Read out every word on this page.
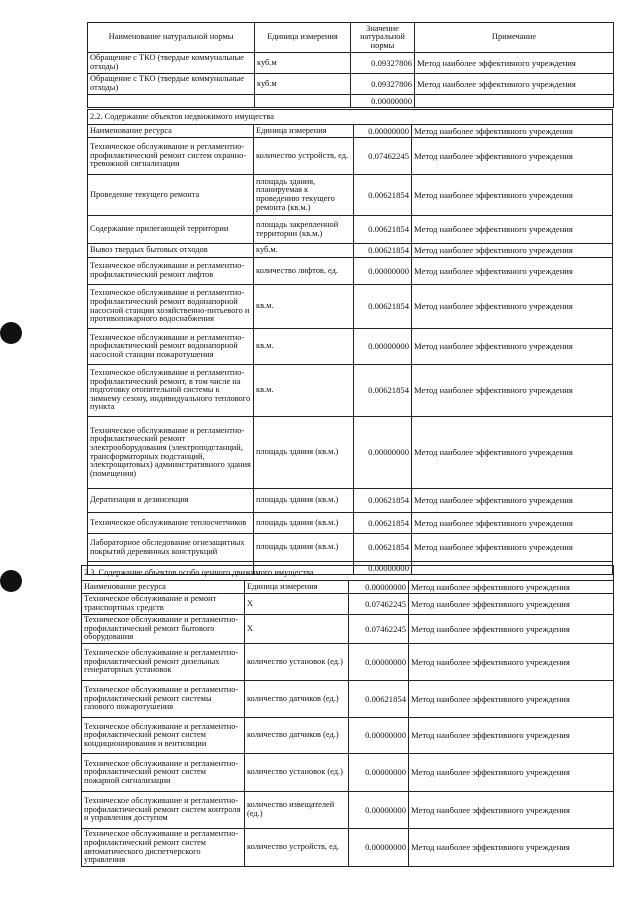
Наименование натуральной нормы	Единица измерения	Значение натуральной нормы	Примечание
Обращение с ТКО (твердые коммунальные отходы)	куб.м	0.09327806	Метод наиболее эффективного учреждения
Обращение с ТКО (твердые коммунальные отходы)	куб.м	0.09327806	Метод наиболее эффективного учреждения
		0.00000000	
2.2. Содержание объектов недвижимого имущества			
Наименование ресурса	Единица измерения	0.00000000	Метод наиболее эффективного учреждения
Техническое обслуживание и регламентно-профилактический ремонт систем охранно-тревожной сигнализации	количество устройств, ед.	0.07462245	Метод наиболее эффективного учреждения
Проведение текущего ремонта	площадь здания, планируемая к проведению текущего ремонта (кв.м.)	0.00621854	Метод наиболее эффективного учреждения
Содержание прилегающей территории	площадь закрепленной территории (кв.м.)	0.00621854	Метод наиболее эффективного учреждения
Вывоз твердых бытовых отходов	куб.м.	0.00621854	Метод наиболее эффективного учреждения
Техническое обслуживание и регламентно-профилактический ремонт лифтов	количество лифтов, ед.	0.00000000	Метод наиболее эффективного учреждения
Техническое обслуживание и регламентно-профилактический ремонт водонапорной насосной станции хозяйственно-питьевого и противопожарного водоснабжения	кв.м.	0.00621854	Метод наиболее эффективного учреждения
Техническое обслуживание и регламентно-профилактический ремонт водонапорной насосной станции пожаротушения	кв.м.	0.00000000	Метод наиболее эффективного учреждения
Техническое обслуживание и регламентно-профилактический ремонт, в том числе на подготовку отопительной системы к зимнему сезону, индивидуального теплового пункта	кв.м.	0.00621854	Метод наиболее эффективного учреждения
Техническое обслуживание и регламентно-профилактический ремонт электрооборудования (электроподстанций, трансформаторных подстанций, электрощитовых) административного здания (помещения)	площадь здания (кв.м.)	0.00000000	Метод наиболее эффективного учреждения
Дератизация и дезинсекция	площадь здания (кв.м.)	0.00621854	Метод наиболее эффективного учреждения
Техническое обслуживание теплосчетчиков	площадь здания (кв.м.)	0.00621854	Метод наиболее эффективного учреждения
Лабораторное обследование огнезащитных покрытий деревянных конструкций	площадь здания (кв.м.)	0.00621854	Метод наиболее эффективного учреждения
		0.00000000	
2.3. Содержание объектов особо ценного движимого имущества			
Наименование ресурса	Единица измерения	0.00000000	Метод наиболее эффективного учреждения
Техническое обслуживание и ремонт транспортных средств	Х	0.07462245	Метод наиболее эффективного учреждения
Техническое обслуживание и регламентно-профилактический ремонт бытового оборудования	Х	0.07462245	Метод наиболее эффективного учреждения
Техническое обслуживание и регламентно-профилактический ремонт дизельных генераторных установок	количество установок (ед.)	0.00000000	Метод наиболее эффективного учреждения
Техническое обслуживание и регламентно-профилактический ремонт системы газового пожаротушения	количество датчиков (ед.)	0.00621854	Метод наиболее эффективного учреждения
Техническое обслуживание и регламентно-профилактический ремонт систем кондиционирования и вентиляции	количество датчиков (ед.)	0.00000000	Метод наиболее эффективного учреждения
Техническое обслуживание и регламентно-профилактический ремонт систем пожарной сигнализации	количество установок (ед.)	0.00000000	Метод наиболее эффективного учреждения
Техническое обслуживание и регламентно-профилактический ремонт систем контроля и управления доступом	количество извещателей (ед.)	0.00000000	Метод наиболее эффективного учреждения
Техническое обслуживание и регламентно-профилактический ремонт систем автоматического диспетчерского управления	количество устройств, ед.	0.00000000	Метод наиболее эффективного учреждения
